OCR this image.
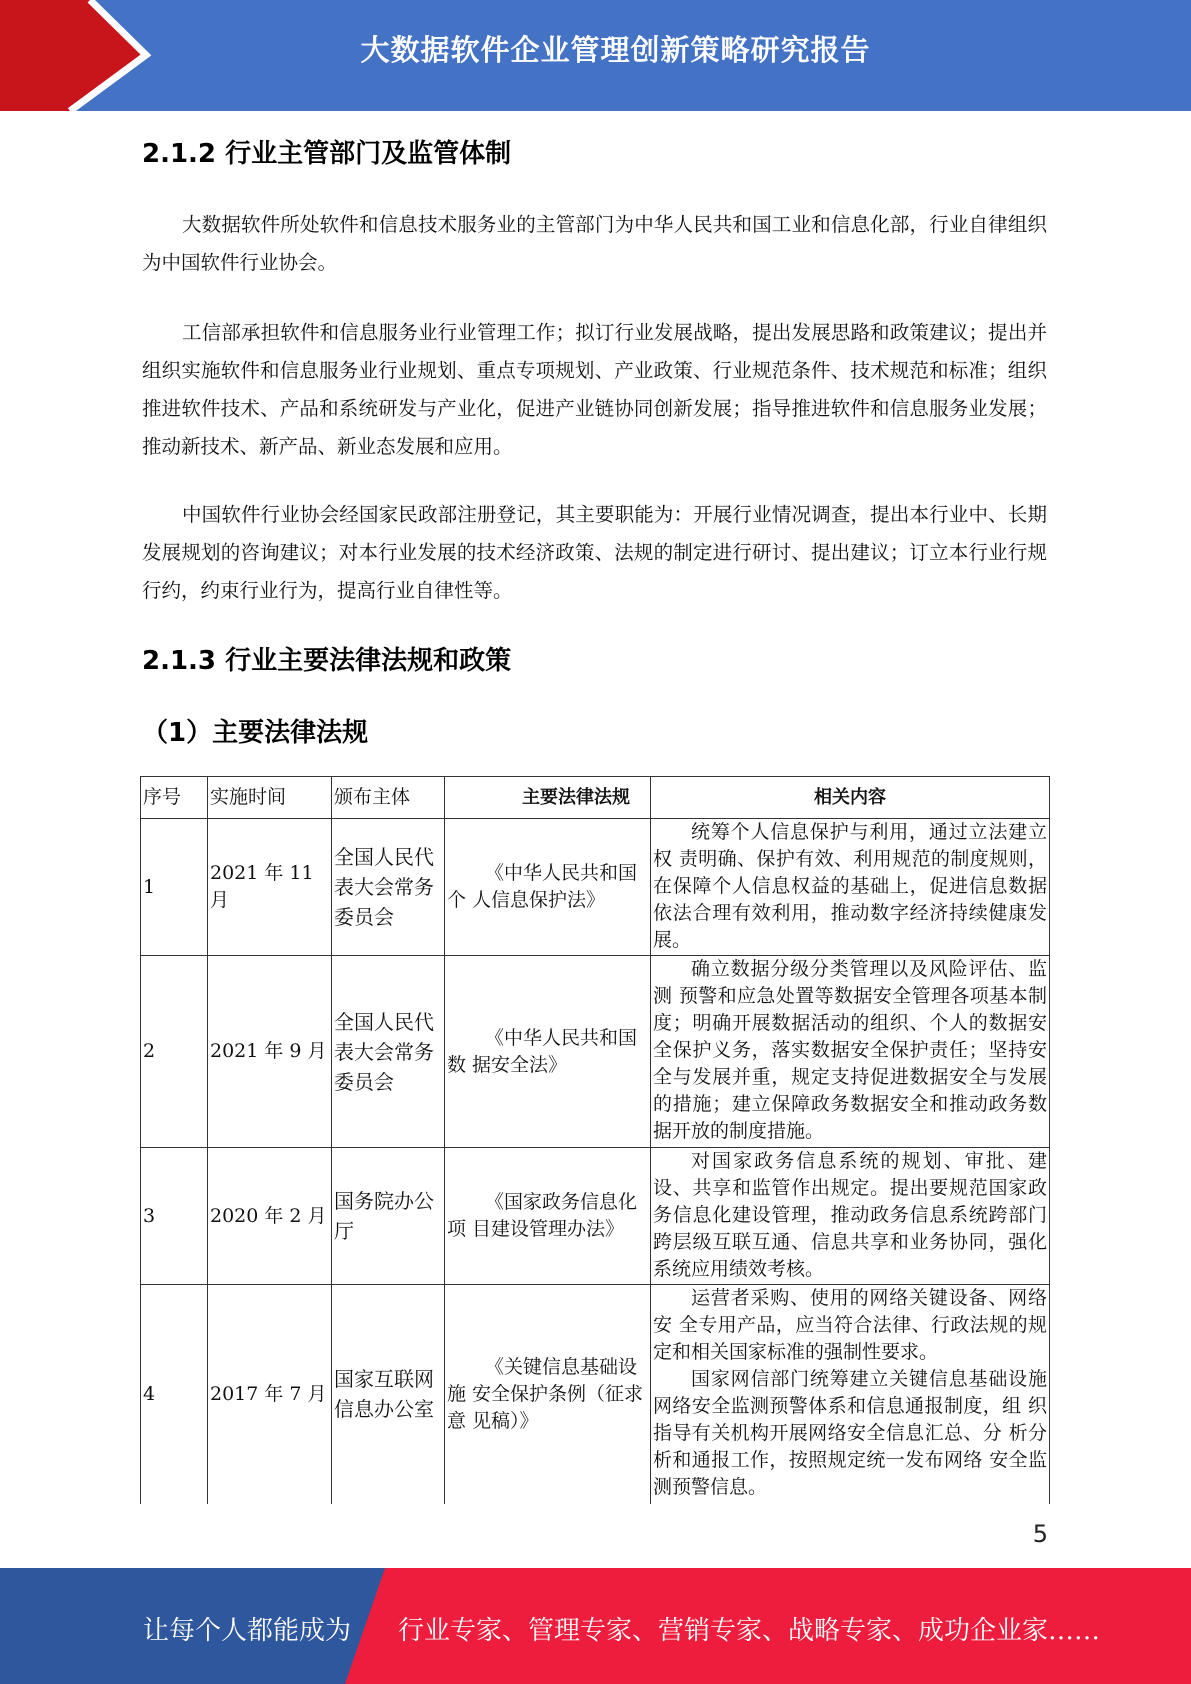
大数据软件企业管理创新策略研究报告
2.1.2 行业主管部门及监管体制

大数据软件所处软件和信息技术服务业的主管部门为中华人民共和国工业和信息化部，行业自律组织为中国软件行业协会。

工信部承担软件和信息服务业行业管理工作；拟订行业发展战略，提出发展思路和政策建议；提出并组织实施软件和信息服务业行业规划、重点专项规划、产业政策、行业规范条件、技术规范和标准；组织推进软件技术、产品和系统研发与产业化，促进产业链协同创新发展；指导推进软件和信息服务业发展；推动新技术、新产品、新业态发展和应用。

中国软件行业协会经国家民政部注册登记，其主要职能为：开展行业情况调查，提出本行业中、长期发展规划的咨询建议；对本行业发展的技术经济政策、法规的制定进行研讨、提出建议；订立本行业行规行约，约束行业行为，提高行业自律性等。

2.1.3 行业主要法律法规和政策
（1）主要法律法规
序号	实施时间	颁布主体	主要法律法规	相关内容
1	2021 年 11 月	全国人民代表大会常务委员会	《中华人民共和国个 人信息保护法》	统筹个人信息保护与利用，通过立法建立权 责明确、保护有效、利用规范的制度规则，在保障个人信息权益的基础上，促进信息数据依法合理有效利用，推动数字经济持续健康发展。
2	2021 年 9 月	全国人民代表大会常务委员会	《中华人民共和国数 据安全法》	确立数据分级分类管理以及风险评估、监测 预警和应急处置等数据安全管理各项基本制度；明确开展数据活动的组织、个人的数据安全保护义务，落实数据安全保护责任；坚持安全与发展并重，规定支持促进数据安全与发展的措施；建立保障政务数据安全和推动政务数据开放的制度措施。
3	2020 年 2 月	国务院办公厅	《国家政务信息化项 目建设管理办法》	对国家政务信息系统的规划、审批、建设、共享和监管作出规定。提出要规范国家政务信息化建设管理，推动政务信息系统跨部门跨层级互联互通、信息共享和业务协同，强化系统应用绩效考核。
4	2017 年 7 月	国家互联网信息办公室	《关键信息基础设施 安全保护条例（征求意 见稿）》	运营者采购、使用的网络关键设备、网络安 全专用产品，应当符合法律、行政法规的规 定和相关国家标准的强制性要求。
国家网信部门统筹建立关键信息基础设施 网络安全监测预警体系和信息通报制度，组 织指导有关机构开展网络安全信息汇总、分 析分析和通报工作，按照规定统一发布网络 安全监测预警信息。
5
让每个人都能成为 行业专家、管理专家、营销专家、战略专家、成功企业家……
